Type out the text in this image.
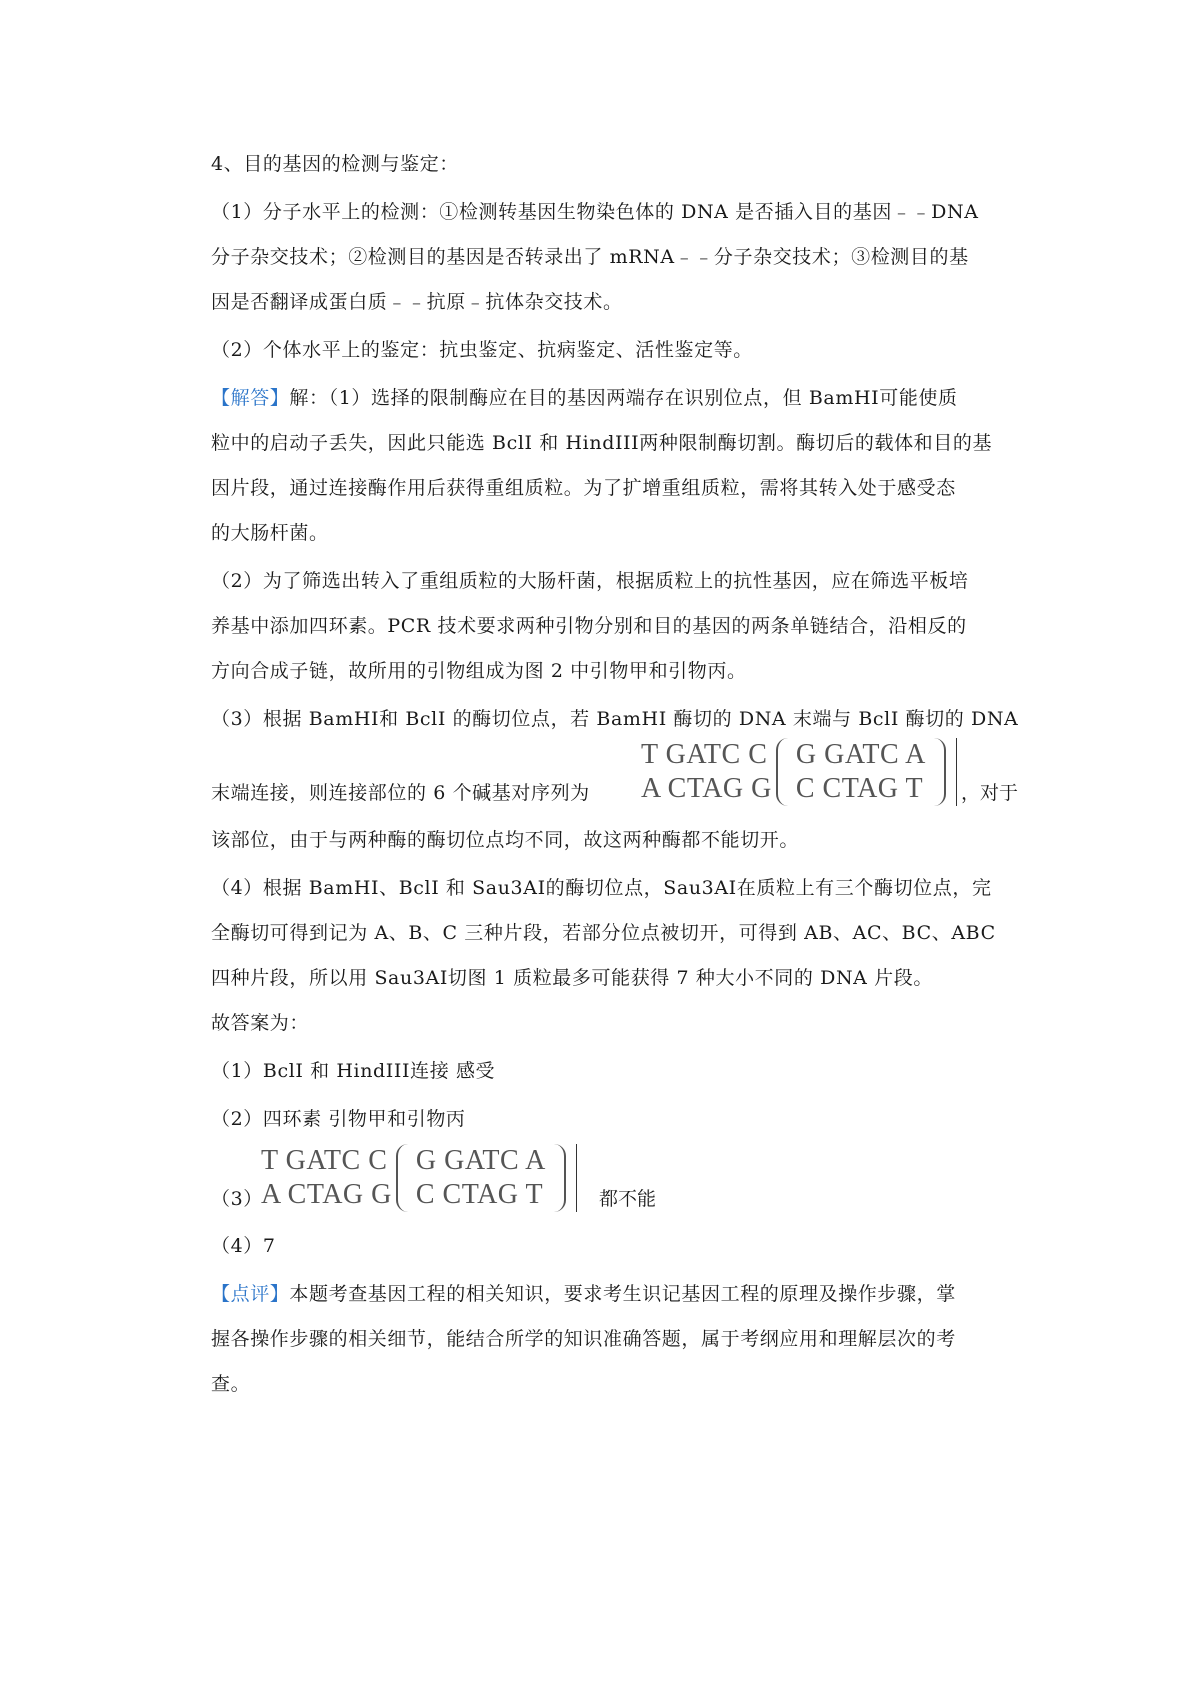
4、目的基因的检测与鉴定：
（1）分子水平上的检测：①检测转基因生物染色体的 DNA 是否插入目的基因﹣﹣DNA
分子杂交技术；②检测目的基因是否转录出了 mRNA﹣﹣分子杂交技术；③检测目的基
因是否翻译成蛋白质﹣﹣抗原﹣抗体杂交技术。
（2）个体水平上的鉴定：抗虫鉴定、抗病鉴定、活性鉴定等。
【解答】解：（1）选择的限制酶应在目的基因两端存在识别位点，但 BamHⅠ可能使质
粒中的启动子丢失，因此只能选 BclI 和 HindIII两种限制酶切割。酶切后的载体和目的基
因片段，通过连接酶作用后获得重组质粒。为了扩增重组质粒，需将其转入处于感受态
的大肠杆菌。
（2）为了筛选出转入了重组质粒的大肠杆菌，根据质粒上的抗性基因，应在筛选平板培
养基中添加四环素。PCR 技术要求两种引物分别和目的基因的两条单链结合，沿相反的
方向合成子链，故所用的引物组成为图 2 中引物甲和引物丙。
（3）根据 BamHⅠ和 BclI 的酶切位点，若 BamHI 酶切的 DNA 末端与 BclI 酶切的 DNA
末端连接，则连接部位的 6 个碱基对序列为
T GATC C
A CTAG G
G GATC A
C CTAG T ，对于
该部位，由于与两种酶的酶切位点均不同，故这两种酶都不能切开。
（4）根据 BamHⅠ、BclI 和 Sau3AⅠ的酶切位点，Sau3AⅠ在质粒上有三个酶切位点，完
全酶切可得到记为 A、B、C 三种片段，若部分位点被切开，可得到 AB、AC、BC、ABC
四种片段，所以用 Sau3AⅠ切图 1 质粒最多可能获得 7 种大小不同的 DNA 片段。
故答案为：
（1）BclI 和 HindIII连接 感受
（2）四环素 引物甲和引物丙
（3）
T GATC C
A CTAG G
G GATC A
C CTAG T	都不能
（4）7
【点评】本题考查基因工程的相关知识，要求考生识记基因工程的原理及操作步骤，掌
握各操作步骤的相关细节，能结合所学的知识准确答题，属于考纲应用和理解层次的考
查。
